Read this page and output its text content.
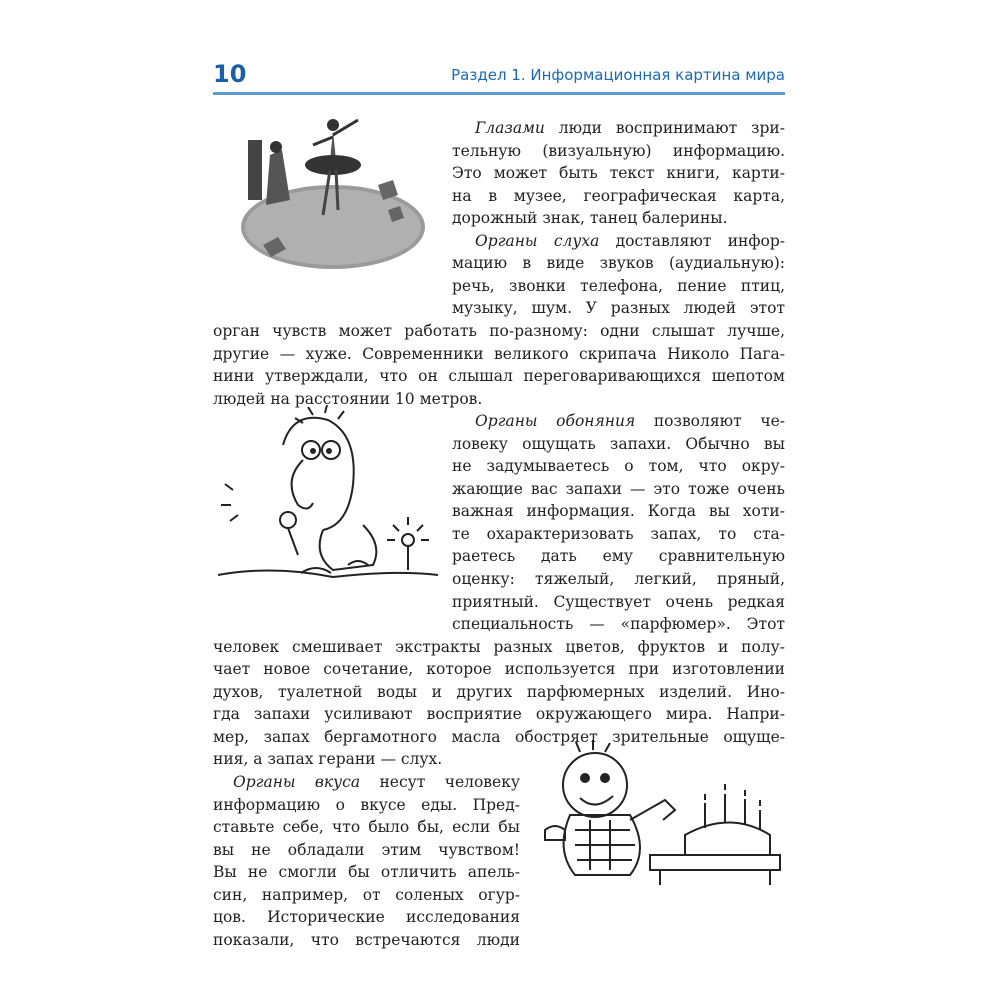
10	Раздел 1. Информационная картина мира
Глазами люди воспринимают зри-
тельную (визуальную) информацию.
Это может быть текст книги, карти-
на в музее, географическая карта,
дорожный знак, танец балерины.
Органы слуха доставляют инфор-
мацию в виде звуков (аудиальную):
речь, звонки телефона, пение птиц,
музыку, шум. У разных людей этот
орган чувств может работать по-разному: одни слышат лучше,
другие — хуже. Современники великого скрипача Николо Пага-
нини утверждали, что он слышал переговаривающихся шепотом
людей на расстоянии 10 метров.
Органы обоняния позволяют че-
ловеку ощущать запахи. Обычно вы
не задумываетесь о том, что окру-
жающие вас запахи — это тоже очень
важная информация. Когда вы хоти-
те охарактеризовать запах, то ста-
раетесь дать ему сравнительную
оценку: тяжелый, легкий, пряный,
приятный. Существует очень редкая
специальность — «парфюмер». Этот
человек смешивает экстракты разных цветов, фруктов и полу-
чает новое сочетание, которое используется при изготовлении
духов, туалетной воды и других парфюмерных изделий. Ино-
гда запахи усиливают восприятие окружающего мира. Напри-
мер, запах бергамотного масла обостряет зрительные ощуще-
ния, а запах герани — слух.
Органы вкуса несут человеку
информацию о вкусе еды. Пред-
ставьте себе, что было бы, если бы
вы не обладали этим чувством!
Вы не смогли бы отличить апель-
син, например, от соленых огур-
цов. Исторические исследования
показали, что встречаются люди
